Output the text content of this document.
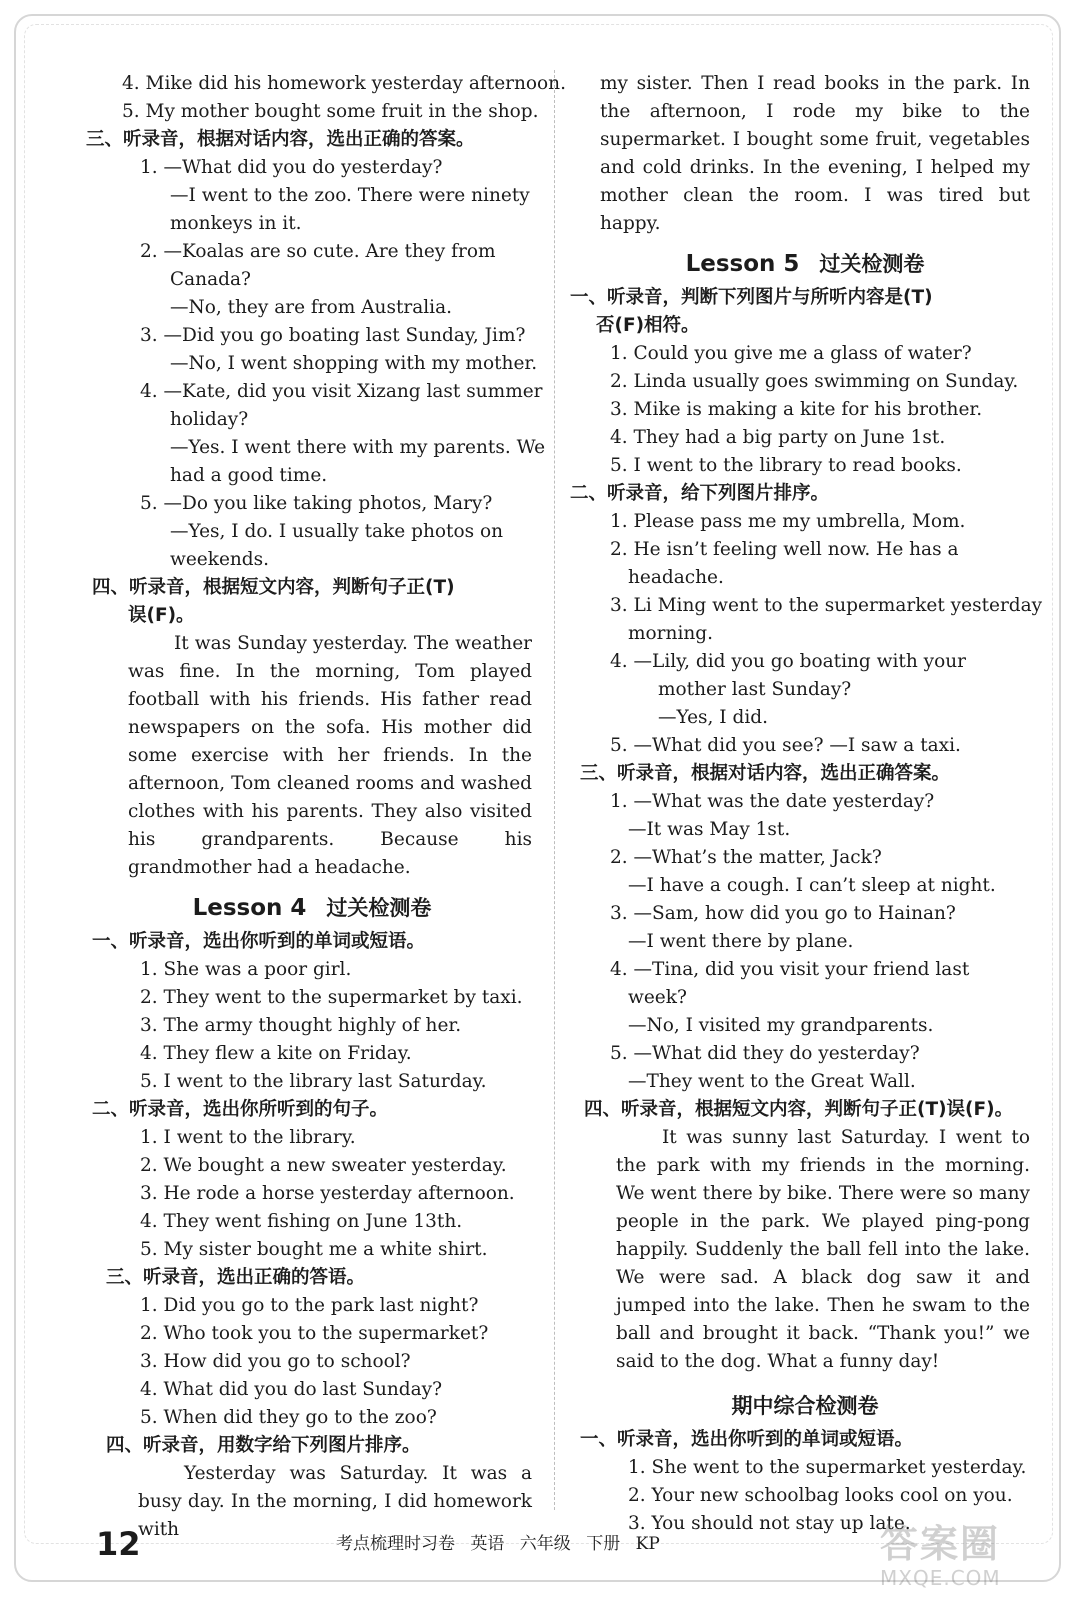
4. Mike did his homework yesterday afternoon.
5. My mother bought some fruit in the shop.
三、听录音，根据对话内容，选出正确的答案。
1. —What did you do yesterday?
—I went to the zoo. There were ninety
monkeys in it.
2. —Koalas are so cute. Are they from
Canada?
—No, they are from Australia.
3. —Did you go boating last Sunday, Jim?
—No, I went shopping with my mother.
4. —Kate, did you visit Xizang last summer
holiday?
—Yes. I went there with my parents. We
had a good time.
5. —Do you like taking photos, Mary?
—Yes, I do. I usually take photos on
weekends.
四、听录音，根据短文内容，判断句子正(T)
误(F)。
It was Sunday yesterday. The weather was fine. In the morning, Tom played football with his friends. His father read newspapers on the sofa. His mother did some exercise with her friends. In the afternoon, Tom cleaned rooms and washed clothes with his parents. They also visited his grandparents. Because his grandmother had a headache.
Lesson 4 过关检测卷
一、听录音，选出你听到的单词或短语。
1. She was a poor girl.
2. They went to the supermarket by taxi.
3. The army thought highly of her.
4. They flew a kite on Friday.
5. I went to the library last Saturday.
二、听录音，选出你所听到的句子。
1. I went to the library.
2. We bought a new sweater yesterday.
3. He rode a horse yesterday afternoon.
4. They went fishing on June 13th.
5. My sister bought me a white shirt.
三、听录音，选出正确的答语。
1. Did you go to the park last night?
2. Who took you to the supermarket?
3. How did you go to school?
4. What did you do last Sunday?
5. When did they go to the zoo?
四、听录音，用数字给下列图片排序。
Yesterday was Saturday. It was a busy day. In the morning, I did homework with
my sister. Then I read books in the park. In the afternoon, I rode my bike to the supermarket. I bought some fruit, vegetables and cold drinks. In the evening, I helped my mother clean the room. I was tired but happy.
Lesson 5 过关检测卷
一、听录音，判断下列图片与所听内容是(T)
否(F)相符。
1. Could you give me a glass of water?
2. Linda usually goes swimming on Sunday.
3. Mike is making a kite for his brother.
4. They had a big party on June 1st.
5. I went to the library to read books.
二、听录音，给下列图片排序。
1. Please pass me my umbrella, Mom.
2. He isn’t feeling well now. He has a
headache.
3. Li Ming went to the supermarket yesterday
morning.
4. —Lily, did you go boating with your
mother last Sunday?
—Yes, I did.
5. —What did you see? —I saw a taxi.
三、听录音，根据对话内容，选出正确答案。
1. —What was the date yesterday?
—It was May 1st.
2. —What’s the matter, Jack?
—I have a cough. I can’t sleep at night.
3. —Sam, how did you go to Hainan?
—I went there by plane.
4. —Tina, did you visit your friend last
week?
—No, I visited my grandparents.
5. —What did they do yesterday?
—They went to the Great Wall.
四、听录音，根据短文内容，判断句子正(T)误(F)。
It was sunny last Saturday. I went to the park with my friends in the morning. We went there by bike. There were so many people in the park. We played ping-pong happily. Suddenly the ball fell into the lake. We were sad. A black dog saw it and jumped into the lake. Then he swam to the ball and brought it back. “Thank you!” we said to the dog. What a funny day!
期中综合检测卷
一、听录音，选出你听到的单词或短语。
1. She went to the supermarket yesterday.
2. Your new schoolbag looks cool on you.
3. You should not stay up late.
12	考点梳理时习卷 英语 六年级 下册 KP	答案圈
MXQE.COM
